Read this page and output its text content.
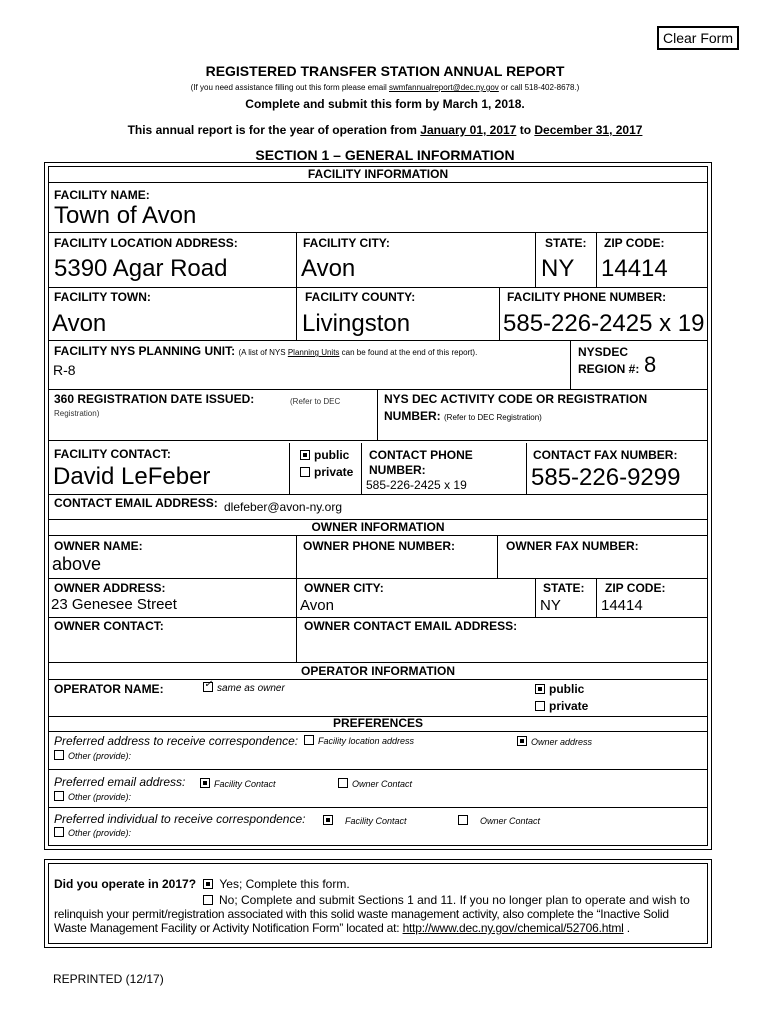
Clear Form
REGISTERED TRANSFER STATION ANNUAL REPORT
(If you need assistance filling out this form please email swmfannualreport@dec.ny.gov or call 518-402-8678.)
Complete and submit this form by March 1, 2018.
This annual report is for the year of operation from January 01, 2017 to December 31, 2017
SECTION 1 – GENERAL INFORMATION
FACILITY INFORMATION
FACILITY NAME:
Town of Avon
FACILITY LOCATION ADDRESS:
5390 Agar Road
FACILITY CITY:
Avon
STATE:
NY
ZIP CODE:
14414
FACILITY TOWN:
Avon
FACILITY COUNTY:
Livingston
FACILITY PHONE NUMBER:
585-226-2425 x 19
FACILITY NYS PLANNING UNIT: (A list of NYS Planning Units can be found at the end of this report).
R-8
NYSDEC
REGION #: 8
360 REGISTRATION DATE ISSUED:	(Refer to DEC Registration)
NYS DEC ACTIVITY CODE OR REGISTRATION
NUMBER: (Refer to DEC Registration)
FACILITY CONTACT:
David LeFeber
public
private
CONTACT PHONE
NUMBER:
585-226-2425 x 19
CONTACT FAX NUMBER:
585-226-9299
CONTACT EMAIL ADDRESS: dlefeber@avon-ny.org
OWNER INFORMATION
OWNER NAME:
above
OWNER PHONE NUMBER:	OWNER FAX NUMBER:
OWNER ADDRESS:
23 Genesee Street
OWNER CITY:
Avon
STATE:
NY
ZIP CODE:
14414
OWNER CONTACT:	OWNER CONTACT EMAIL ADDRESS:
OPERATOR INFORMATION
OPERATOR NAME:
✓	same as owner	public
private
PREFERENCES
Preferred address to receive correspondence:	Facility location address	Owner address
Other (provide):
Preferred email address:	Facility Contact	Owner Contact
Other (provide):
Preferred individual to receive correspondence:	Facility Contact	Owner Contact
Other (provide):
Did you operate in 2017? Yes; Complete this form.
No; Complete and submit Sections 1 and 11. If you no longer plan to operate and wish to
relinquish your permit/registration associated with this solid waste management activity, also complete the “Inactive Solid
Waste Management Facility or Activity Notification Form” located at: http://www.dec.ny.gov/chemical/52706.html .
REPRINTED (12/17)
